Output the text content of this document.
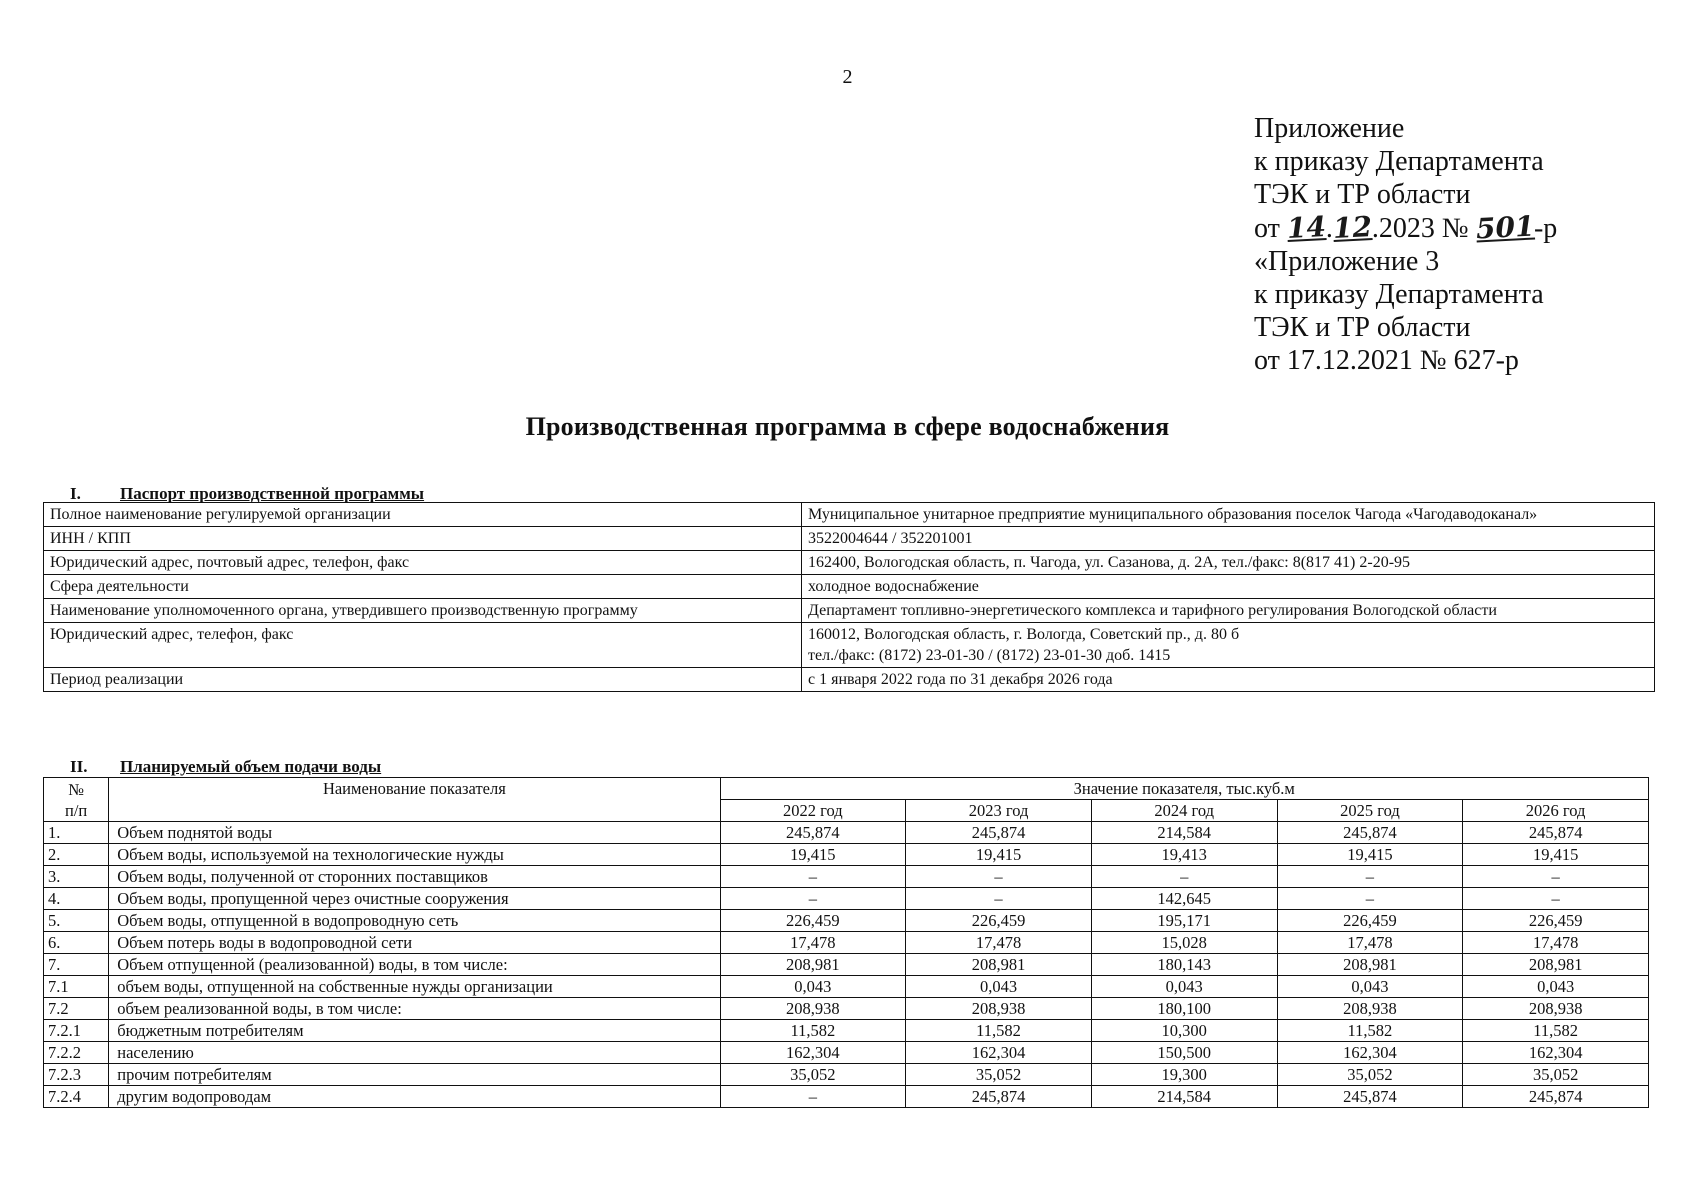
2
Приложение
к приказу Департамента
ТЭК и ТР области
от 14.12.2023 № 501-р
«Приложение 3
к приказу Департамента
ТЭК и ТР области
от 17.12.2021 № 627-р
Производственная программа в сфере водоснабжения
I. Паспорт производственной программы
Полное наименование регулируемой организации	Муниципальное унитарное предприятие муниципального образования поселок Чагода «Чагодаводоканал»
ИНН / КПП	3522004644 / 352201001
Юридический адрес, почтовый адрес, телефон, факс	162400, Вологодская область, п. Чагода, ул. Сазанова, д. 2А, тел./факс: 8(817 41) 2-20-95
Сфера деятельности	холодное водоснабжение
Наименование уполномоченного органа, утвердившего производственную программу	Департамент топливно-энергетического комплекса и тарифного регулирования Вологодской области
Юридический адрес, телефон, факс	160012, Вологодская область, г. Вологда, Советский пр., д. 80 б
тел./факс: (8172) 23-01-30 / (8172) 23-01-30 доб. 1415

Период реализации	с 1 января 2022 года по 31 декабря 2026 года
II. Планируемый объем подачи воды
№
п/п	Наименование показателя	Значение показателя, тыс.куб.м				
		2022 год	2023 год	2024 год	2025 год	2026 год
1.	Объем поднятой воды	245,874	245,874	214,584	245,874	245,874
2.	Объем воды, используемой на технологические нужды	19,415	19,415	19,413	19,415	19,415
3.	Объем воды, полученной от сторонних поставщиков	–	–	–	–	–
4.	Объем воды, пропущенной через очистные сооружения	–	–	142,645	–	–
5.	Объем воды, отпущенной в водопроводную сеть	226,459	226,459	195,171	226,459	226,459
6.	Объем потерь воды в водопроводной сети	17,478	17,478	15,028	17,478	17,478
7.	Объем отпущенной (реализованной) воды, в том числе:	208,981	208,981	180,143	208,981	208,981
7.1	объем воды, отпущенной на собственные нужды организации	0,043	0,043	0,043	0,043	0,043
7.2	объем реализованной воды, в том числе:	208,938	208,938	180,100	208,938	208,938
7.2.1	бюджетным потребителям	11,582	11,582	10,300	11,582	11,582
7.2.2	населению	162,304	162,304	150,500	162,304	162,304
7.2.3	прочим потребителям	35,052	35,052	19,300	35,052	35,052
7.2.4	другим водопроводам	–	245,874	214,584	245,874	245,874
